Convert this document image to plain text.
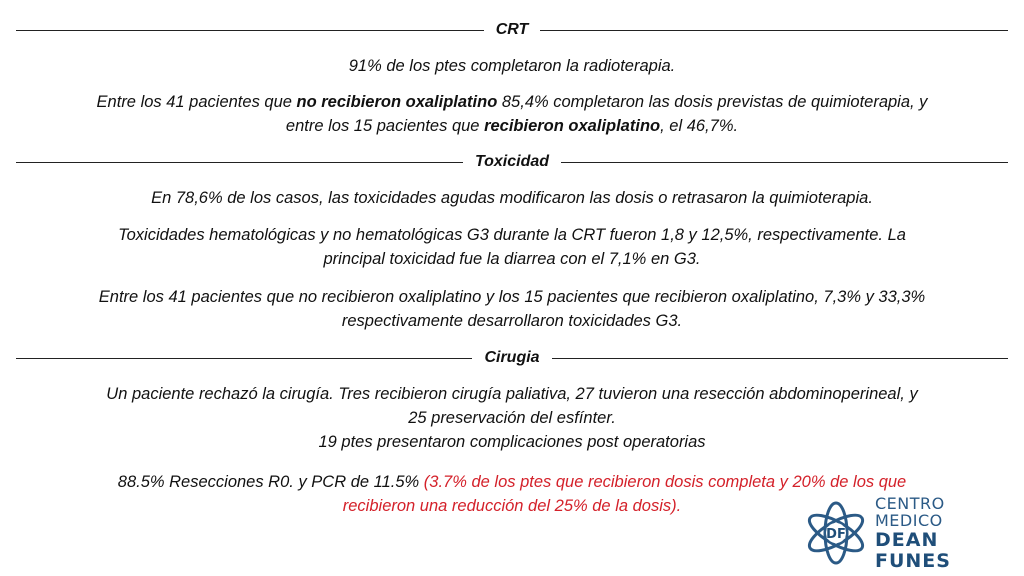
CRT

91% de los ptes completaron la radioterapia.

Entre los 41 pacientes que no recibieron oxaliplatino 85,4% completaron las dosis previstas de quimioterapia, y
entre los 15 pacientes que recibieron oxaliplatino, el 46,7%.

Toxicidad

En 78,6% de los casos, las toxicidades agudas modificaron las dosis o retrasaron la quimioterapia.

Toxicidades hematológicas y no hematológicas G3 durante la CRT fueron 1,8 y 12,5%, respectivamente. La
principal toxicidad fue la diarrea con el 7,1% en G3.

Entre los 41 pacientes que no recibieron oxaliplatino y los 15 pacientes que recibieron oxaliplatino, 7,3% y 33,3%
respectivamente desarrollaron toxicidades G3.

Cirugia

Un paciente rechazó la cirugía. Tres recibieron cirugía paliativa, 27 tuvieron una resección abdominoperineal, y
25 preservación del esfínter.
19 ptes presentaron complicaciones post operatorias

88.5% Resecciones R0. y PCR de 11.5% (3.7% de los ptes que recibieron dosis completa y 20% de los que
recibieron una reducción del 25% de la dosis).

DF
CENTRO MEDICO
DEAN FUNES
